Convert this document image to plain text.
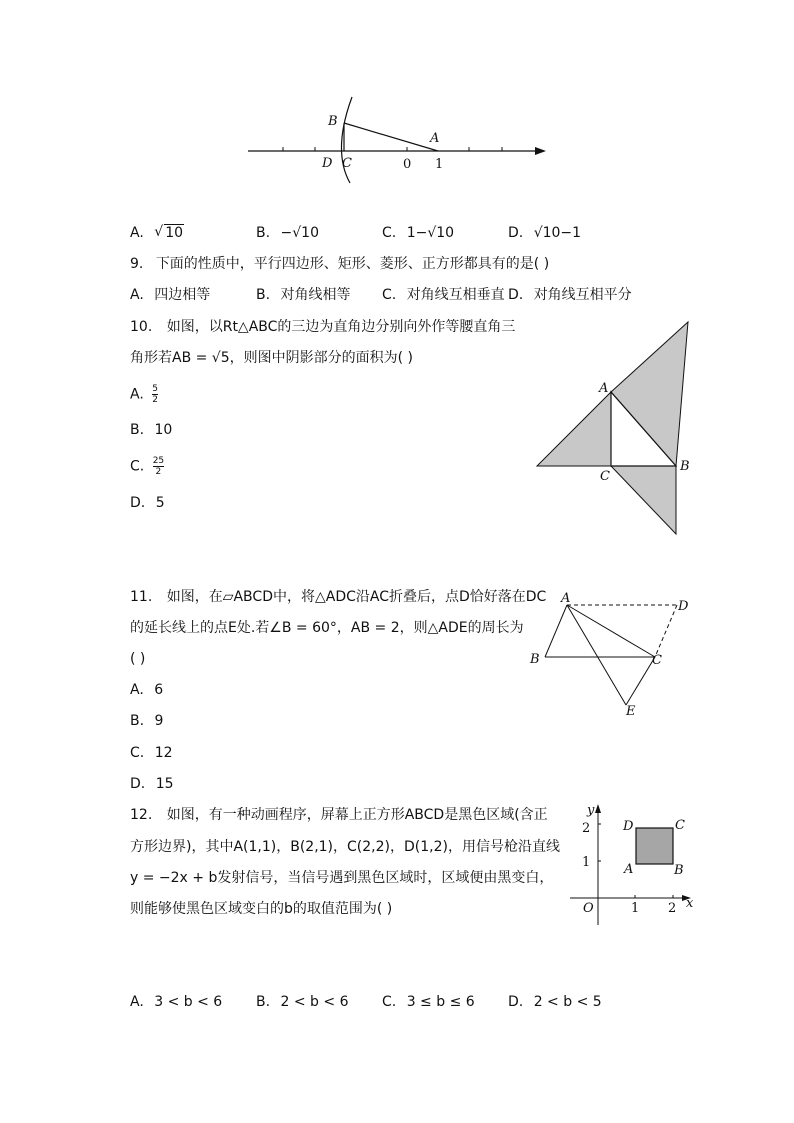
B
A
D C	0 1
A. √ 10	B. −√10	C. 1−√10	D. √10−1
9. 下面的性质中，平行四边形、矩形、菱形、正方形都具有的是( )
A. 四边相等	B. 对角线相等 C. 对角线互相垂直 D. 对角线互相平分
10. 如图，以Rt△ABC的三边为直角边分别向外作等腰直角三
角形若AB = √5，则图中阴影部分的面积为( )
A. $\frac{5}{2}$
B. 10
C. $\frac{25}{2}$
D. 5
A
B
C
11. 如图，在▱ABCD中，将△ADC沿AC折叠后，点D恰好落在DC
的延长线上的点E处.若∠B = 60°，AB = 2，则△ADE的周长为
( )
A. 6
B. 9
C. 12
D. 15
A
D
B	C
E
12. 如图，有一种动画程序，屏幕上正方形ABCD是黑色区域(含正
方形边界)，其中A(1,1)，B(2,1)，C(2,2)，D(1,2)，用信号枪沿直线
y = −2x + b发射信号，当信号遇到黑色区域时，区域便由黑变白，
则能够使黑色区域变白的b的取值范围为( )
y
x
O
D	C
A	B
2
1
1 2
A. 3 < b < 6 B. 2 < b < 6 C. 3 ≤ b ≤ 6 D. 2 < b < 5
